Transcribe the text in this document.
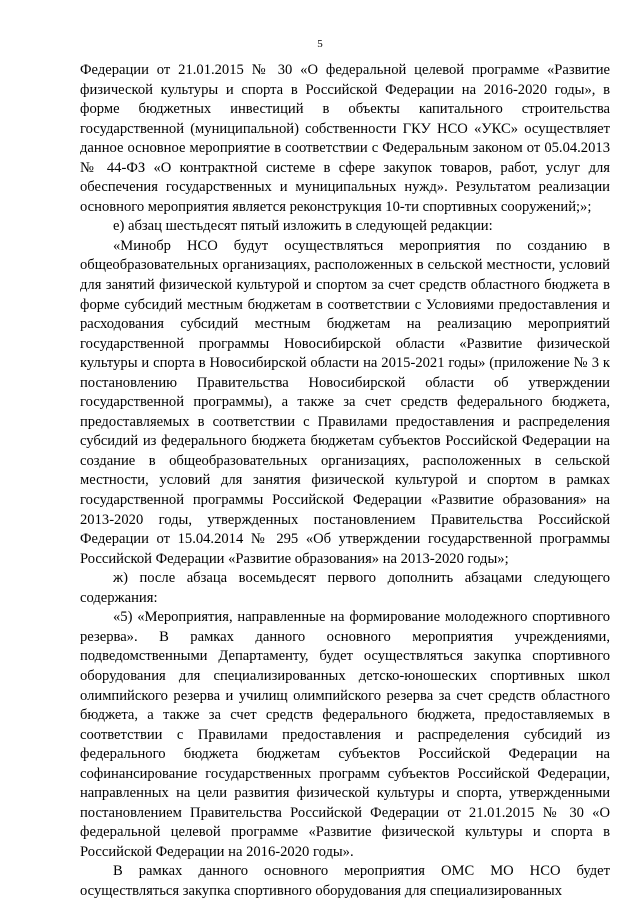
5

Федерации от 21.01.2015 № 30 «О федеральной целевой программе «Развитие физической культуры и спорта в Российской Федерации на 2016-2020 годы», в форме бюджетных инвестиций в объекты капитального строительства государственной (муниципальной) собственности ГКУ НСО «УКС» осуществляет данное основное мероприятие в соответствии с Федеральным законом от 05.04.2013 № 44-ФЗ «О контрактной системе в сфере закупок товаров, работ, услуг для обеспечения государственных и муниципальных нужд». Результатом реализации основного мероприятия является реконструкция 10-ти спортивных сооружений;»;

е) абзац шестьдесят пятый изложить в следующей редакции:

«Минобр НСО будут осуществляться мероприятия по созданию в общеобразовательных организациях, расположенных в сельской местности, условий для занятий физической культурой и спортом за счет средств областного бюджета в форме субсидий местным бюджетам в соответствии с Условиями предоставления и расходования субсидий местным бюджетам на реализацию мероприятий государственной программы Новосибирской области «Развитие физической культуры и спорта в Новосибирской области на 2015-2021 годы» (приложение № 3 к постановлению Правительства Новосибирской области об утверждении государственной программы), а также за счет средств федерального бюджета, предоставляемых в соответствии с Правилами предоставления и распределения субсидий из федерального бюджета бюджетам субъектов Российской Федерации на создание в общеобразовательных организациях, расположенных в сельской местности, условий для занятия физической культурой и спортом в рамках государственной программы Российской Федерации «Развитие образования» на 2013-2020 годы, утвержденных постановлением Правительства Российской Федерации от 15.04.2014 № 295 «Об утверждении государственной программы Российской Федерации «Развитие образования» на 2013-2020 годы»;

ж) после абзаца восемьдесят первого дополнить абзацами следующего содержания:

«5) «Мероприятия, направленные на формирование молодежного спортивного резерва». В рамках данного основного мероприятия учреждениями, подведомственными Департаменту, будет осуществляться закупка спортивного оборудования для специализированных детско-юношеских спортивных школ олимпийского резерва и училищ олимпийского резерва за счет средств областного бюджета, а также за счет средств федерального бюджета, предоставляемых в соответствии с Правилами предоставления и распределения субсидий из федерального бюджета бюджетам субъектов Российской Федерации на софинансирование государственных программ субъектов Российской Федерации, направленных на цели развития физической культуры и спорта, утвержденными постановлением Правительства Российской Федерации от 21.01.2015 № 30 «О федеральной целевой программе «Развитие физической культуры и спорта в Российской Федерации на 2016-2020 годы».

В рамках данного основного мероприятия ОМС МО НСО будет осуществляться закупка спортивного оборудования для специализированных
